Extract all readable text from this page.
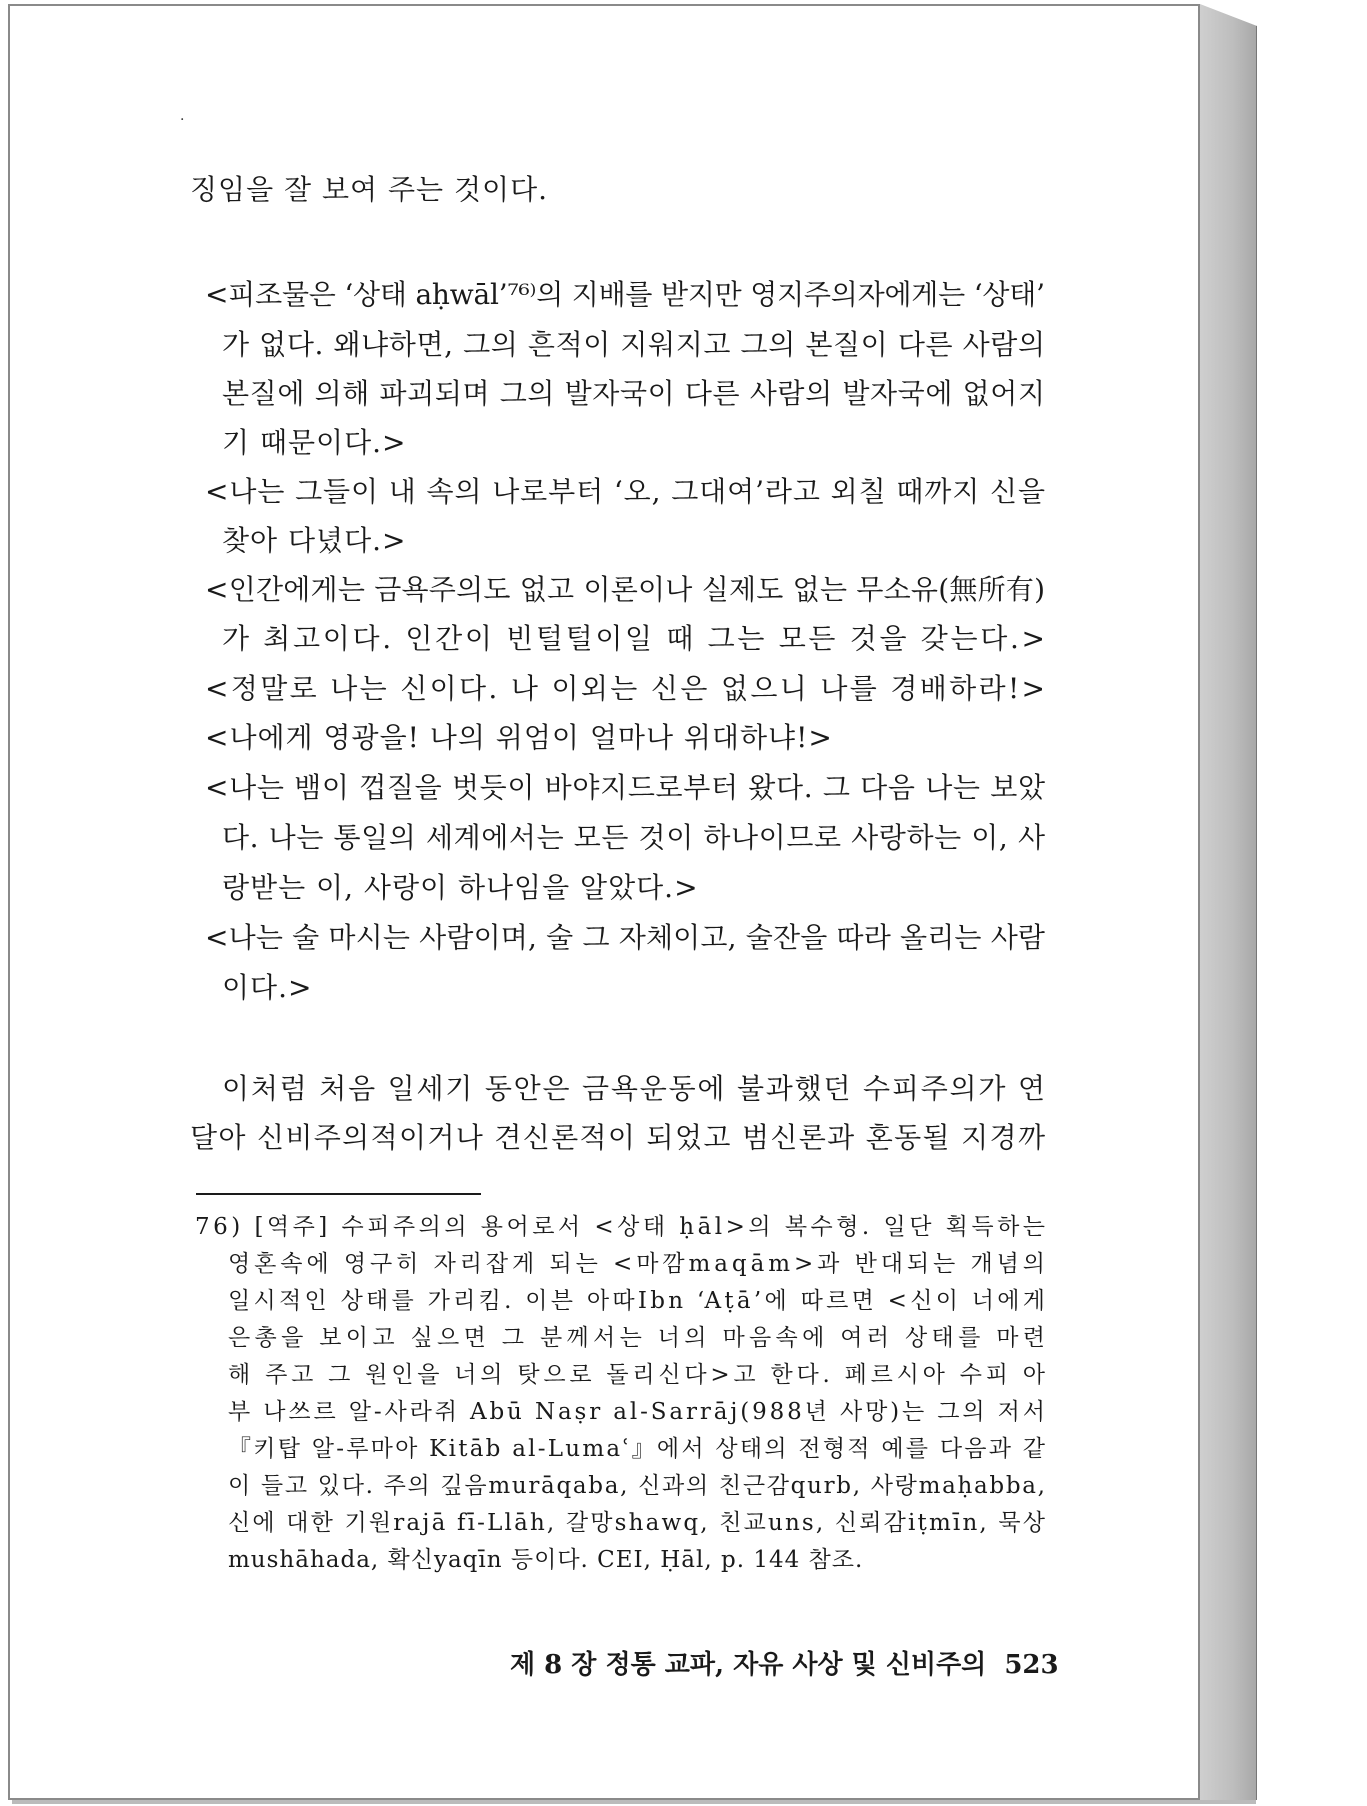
·
징임을 잘 보여 주는 것이다.
<피조물은 ‘상태 aḥwāl’⁷⁶⁾의 지배를 받지만 영지주의자에게는 ‘상태’
가 없다. 왜냐하면, 그의 흔적이 지워지고 그의 본질이 다른 사람의
본질에 의해 파괴되며 그의 발자국이 다른 사람의 발자국에 없어지
기 때문이다.>
<나는 그들이 내 속의 나로부터 ‘오, 그대여’라고 외칠 때까지 신을
찾아 다녔다.>
<인간에게는 금욕주의도 없고 이론이나 실제도 없는 무소유(無所有)
가 최고이다. 인간이 빈털털이일 때 그는 모든 것을 갖는다.>
<정말로 나는 신이다. 나 이외는 신은 없으니 나를 경배하라!>
<나에게 영광을! 나의 위엄이 얼마나 위대하냐!>
<나는 뱀이 껍질을 벗듯이 바야지드로부터 왔다. 그 다음 나는 보았
다. 나는 통일의 세계에서는 모든 것이 하나이므로 사랑하는 이, 사
랑받는 이, 사랑이 하나임을 알았다.>
<나는 술 마시는 사람이며, 술 그 자체이고, 술잔을 따라 올리는 사람
이다.>
이처럼 처음 일세기 동안은 금욕운동에 불과했던 수피주의가 연
달아 신비주의적이거나 견신론적이 되었고 범신론과 혼동될 지경까
76) [역주] 수피주의의 용어로서 <상태 ḥāl>의 복수형. 일단 획득하는
영혼속에 영구히 자리잡게 되는 <마깜maqām>과 반대되는 개념의
일시적인 상태를 가리킴. 이븐 아따Ibn ‘Aṭā’에 따르면 <신이 너에게
은총을 보이고 싶으면 그 분께서는 너의 마음속에 여러 상태를 마련
해 주고 그 원인을 너의 탓으로 돌리신다>고 한다. 페르시아 수피 아
부 나쓰르 알-사라쥐 Abū Naṣr al-Sarrāj(988년 사망)는 그의 저서
『키탑 알-루마아 Kitāb al-Lumaʿ』에서 상태의 전형적 예를 다음과 같
이 들고 있다. 주의 깊음murāqaba, 신과의 친근감qurb, 사랑maḥabba,
신에 대한 기원rajā fī-Llāh, 갈망shawq, 친교uns, 신뢰감iṭmīn, 묵상
mushāhada, 확신yaqīn 등이다. CEI, Ḥāl, p. 144 참조.
제 8 장 정통 교파, 자유 사상 및 신비주의 523
